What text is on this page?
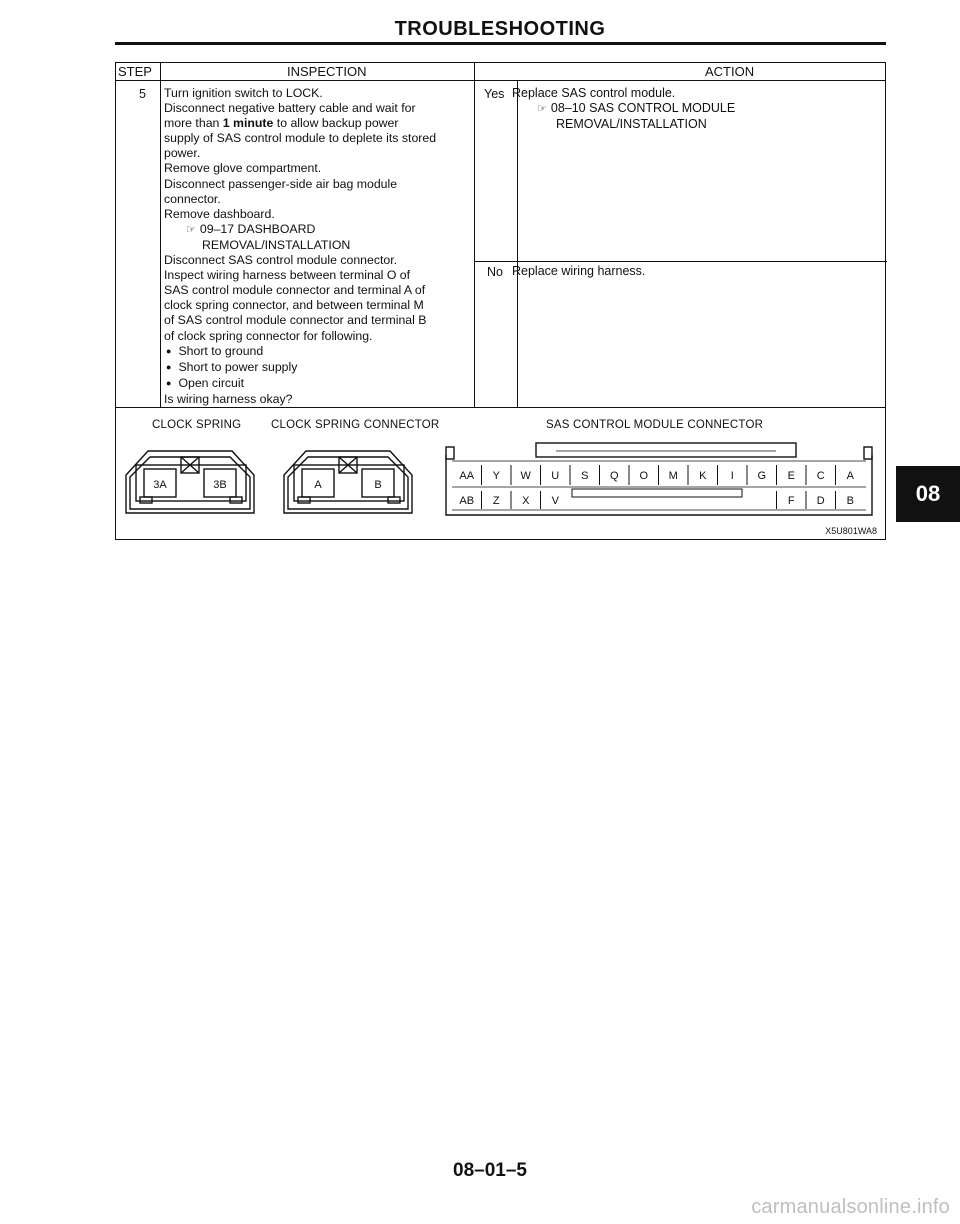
TROUBLESHOOTING
STEP	INSPECTION	ACTION
5 Turn ignition switch to LOCK.
Disconnect negative battery cable and wait for
more than 1 minute to allow backup power
supply of SAS control module to deplete its stored
power.
Remove glove compartment.
Disconnect passenger-side air bag module
connector.
Remove dashboard.
☞ 09–17 DASHBOARD
REMOVAL/INSTALLATION
Disconnect SAS control module connector.
Inspect wiring harness between terminal O of
SAS control module connector and terminal A of
clock spring connector, and between terminal M
of SAS control module connector and terminal B
of clock spring connector for following.
● Short to ground
● Short to power supply
● Open circuit
Is wiring harness okay?
Yes Replace SAS control module.
☞ 08–10 SAS CONTROL MODULE
REMOVAL/INSTALLATION
No Replace wiring harness.
CLOCK SPRING	CLOCK SPRING CONNECTOR	SAS CONTROL MODULE CONNECTOR
3A	3B	A	B
AA Y W U S Q O M K I G E C A
AB Z X V	F D B
X5U801WA8
08
08–01–5
carmanualsonline.info
